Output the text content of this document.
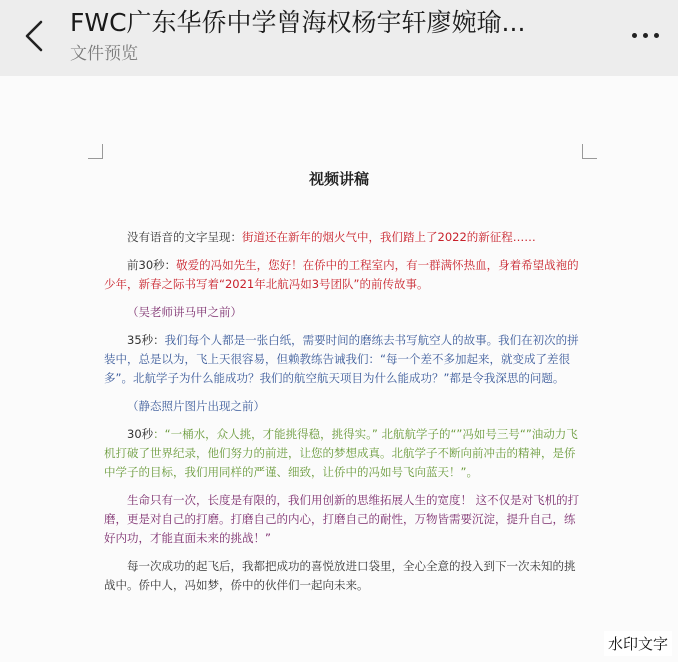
FWC广东华侨中学曾海权杨宇轩廖婉瑜...
文件预览
视频讲稿

没有语音的文字呈现：街道还在新年的烟火气中，我们踏上了2022的新征程……

前30秒：敬爱的冯如先生，您好！在侨中的工程室内，有一群满怀热血，身着希望战袍的少年，新春之际书写着“2021年北航冯如3号团队”的前传故事。

（吴老师讲马甲之前）

35秒：我们每个人都是一张白纸，需要时间的磨练去书写航空人的故事。我们在初次的拼装中，总是以为，飞上天很容易，但赖教练告诫我们：“每一个差不多加起来，就变成了差很多”。北航学子为什么能成功？我们的航空航天项目为什么能成功？”都是令我深思的问题。

（静态照片图片出现之前）

30秒：“一桶水，众人挑，才能挑得稳，挑得实。” 北航航学子的“”冯如号三号“”油动力飞机打破了世界纪录，他们努力的前进，让您的梦想成真。北航学子不断向前冲击的精神，是侨中学子的目标，我们用同样的严谨、细致，让侨中的冯如号飞向蓝天！”。

生命只有一次，长度是有限的，我们用创新的思维拓展人生的宽度！ 这不仅是对飞机的打磨，更是对自己的打磨。打磨自己的内心，打磨自己的耐性，万物皆需要沉淀，提升自己，练好内功，才能直面未来的挑战！”

每一次成功的起飞后，我都把成功的喜悦放进口袋里，全心全意的投入到下一次未知的挑战中。侨中人，冯如梦，侨中的伙伴们一起向未来。

水印文字
